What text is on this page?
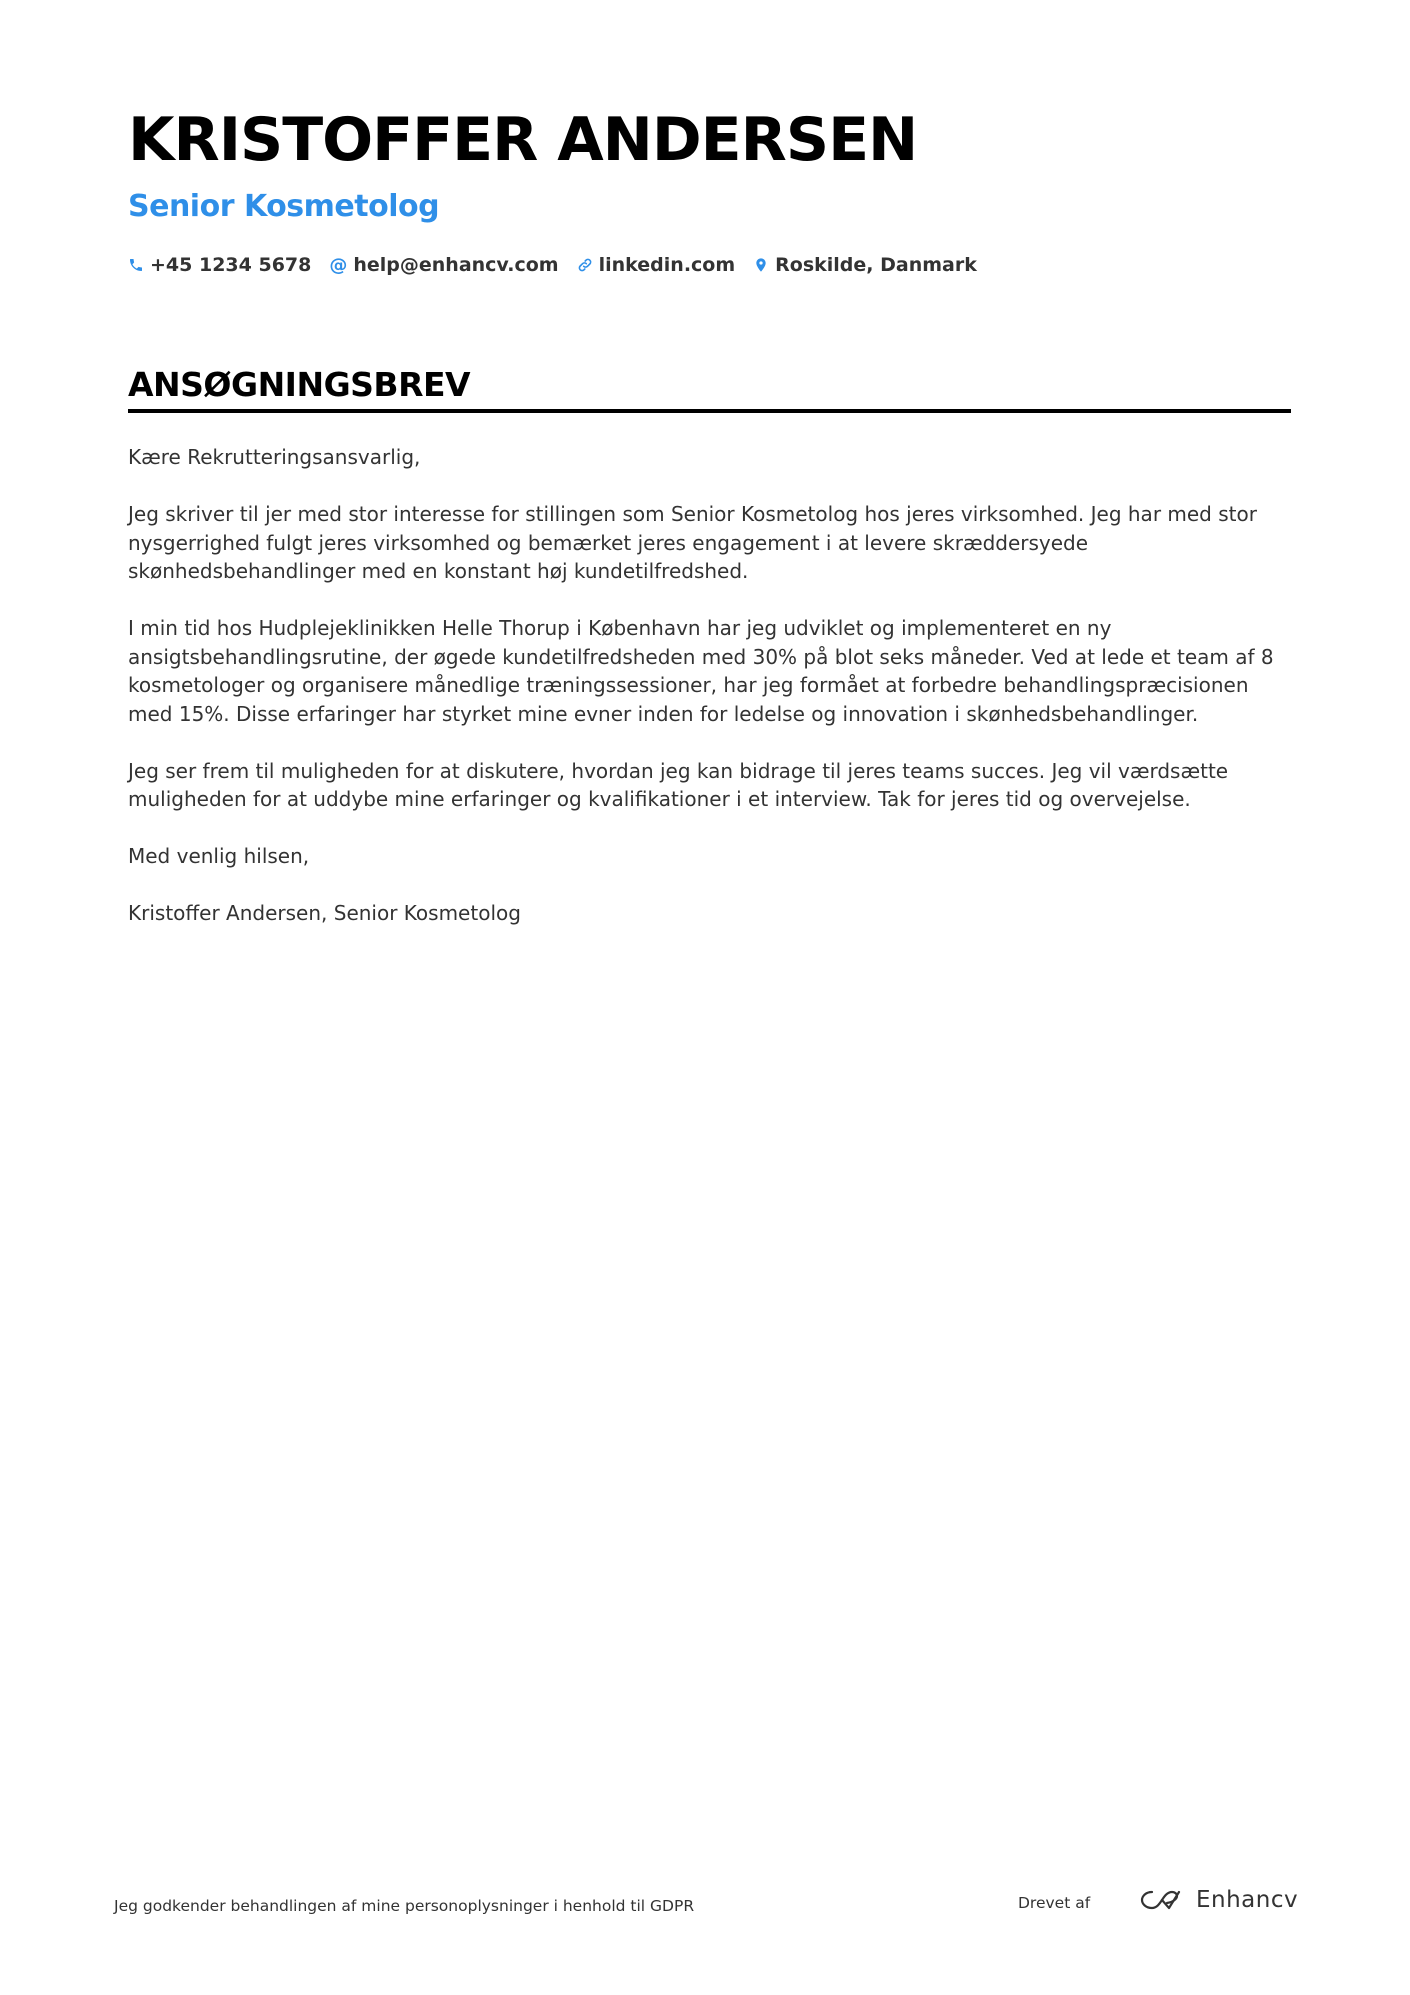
KRISTOFFER ANDERSEN
Senior Kosmetolog
+45 1234 5678 @ help@enhancv.com linkedin.com Roskilde, Danmark
ANSØGNINGSBREV

Kære Rekrutteringsansvarlig,

Jeg skriver til jer med stor interesse for stillingen som Senior Kosmetolog hos jeres virksomhed. Jeg har med stor nysgerrighed fulgt jeres virksomhed og bemærket jeres engagement i at levere skræddersyede skønhedsbehandlinger med en konstant høj kundetilfredshed.

I min tid hos Hudplejeklinikken Helle Thorup i København har jeg udviklet og implementeret en ny ansigtsbehandlingsrutine, der øgede kundetilfredsheden med 30% på blot seks måneder. Ved at lede et team af 8 kosmetologer og organisere månedlige træningssessioner, har jeg formået at forbedre behandlingspræcisionen med 15%. Disse erfaringer har styrket mine evner inden for ledelse og innovation i skønhedsbehandlinger.

Jeg ser frem til muligheden for at diskutere, hvordan jeg kan bidrage til jeres teams succes. Jeg vil værdsætte muligheden for at uddybe mine erfaringer og kvalifikationer i et interview. Tak for jeres tid og overvejelse.

Med venlig hilsen,

Kristoffer Andersen, Senior Kosmetolog

Jeg godkender behandlingen af mine personoplysninger i henhold til GDPR	Drevet af	Enhancv
